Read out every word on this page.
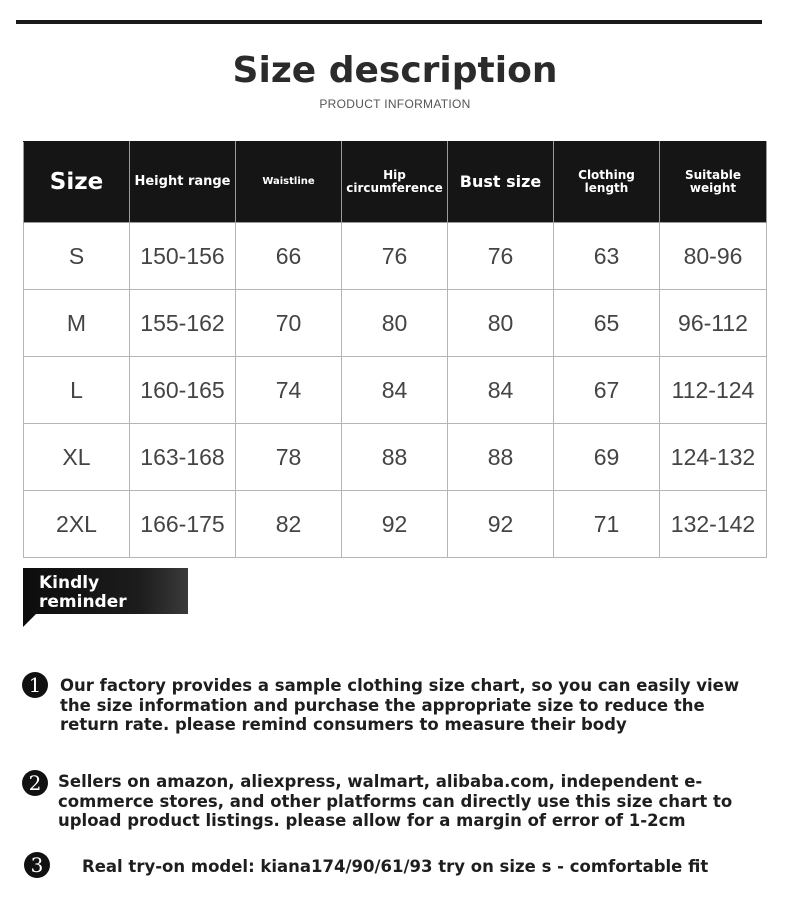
Size description
PRODUCT INFORMATION
Size	Height range	Waistline	Hip circumference	Bust size	Clothing length	Suitable weight
S	150-156	66	76	76	63	80-96
M	155-162	70	80	80	65	96-112
L	160-165	74	84	84	67	112-124
XL	163-168	78	88	88	69	124-132
2XL	166-175	82	92	92	71	132-142
Kindly reminder
1	Our factory provides a sample clothing size chart, so you can easily view the size information and purchase the appropriate size to reduce the return rate. please remind consumers to measure their body
2	Sellers on amazon, aliexpress, walmart, alibaba.com, independent e-commerce stores, and other platforms can directly use this size chart to upload product listings. please allow for a margin of error of 1-2cm
3	Real try-on model: kiana174/90/61/93 try on size s - comfortable fit
